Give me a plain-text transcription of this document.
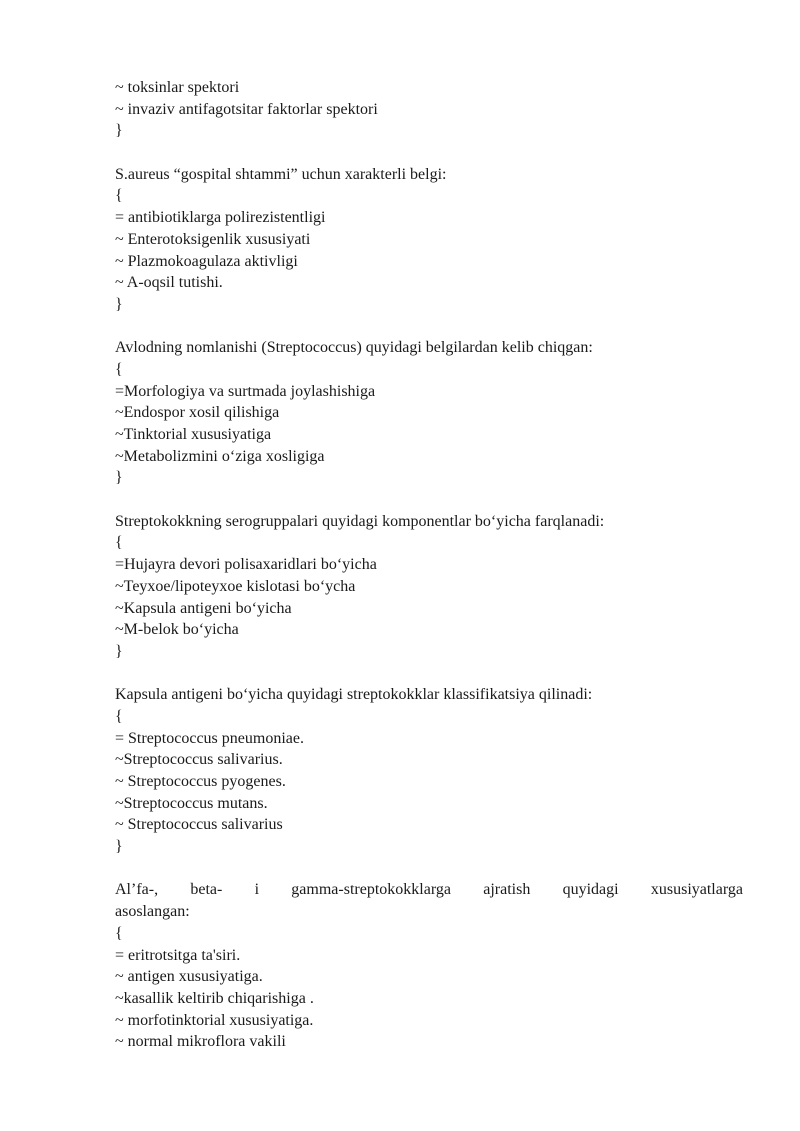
~ toksinlar spektori
~ invaziv antifagotsitar faktorlar spektori
}
S.aureus “gospital shtammi” uchun xarakterli belgi:
{
= antibiotiklarga polirezistentligi
~ Enterotoksigenlik xususiyati
~ Plazmokoagulaza aktivligi
~ A-oqsil tutishi.
}
Avlodning nomlanishi (Streptococcus) quyidagi belgilardan kelib chiqgan:
{
=Morfologiya va surtmada joylashishiga
~Endospor xosil qilishiga
~Tinktorial xususiyatiga
~Metabolizmini o‘ziga xosligiga
}
Streptokokkning serogruppalari quyidagi komponentlar bo‘yicha farqlanadi:
{
=Hujayra devori polisaxaridlari bo‘yicha
~Teyxoe/lipoteyxoe kislotasi bo‘ycha
~Kapsula antigeni bo‘yicha
~M-belok bo‘yicha
}
Kapsula antigeni bo‘yicha quyidagi streptokokklar klassifikatsiya qilinadi:
{
= Streptococcus pneumoniae.
~Streptococcus salivarius.
~ Streptococcus pyogenes.
~Streptococcus mutans.
~ Streptococcus salivarius
}
Al’fa-, beta- i gamma-streptokokklarga ajratish quyidagi xususiyatlarga
asoslangan:
{
= eritrotsitga ta'siri.
~ antigen xususiyatiga.
~kasallik keltirib chiqarishiga .
~ morfotinktorial xususiyatiga.
~ normal mikroflora vakili
